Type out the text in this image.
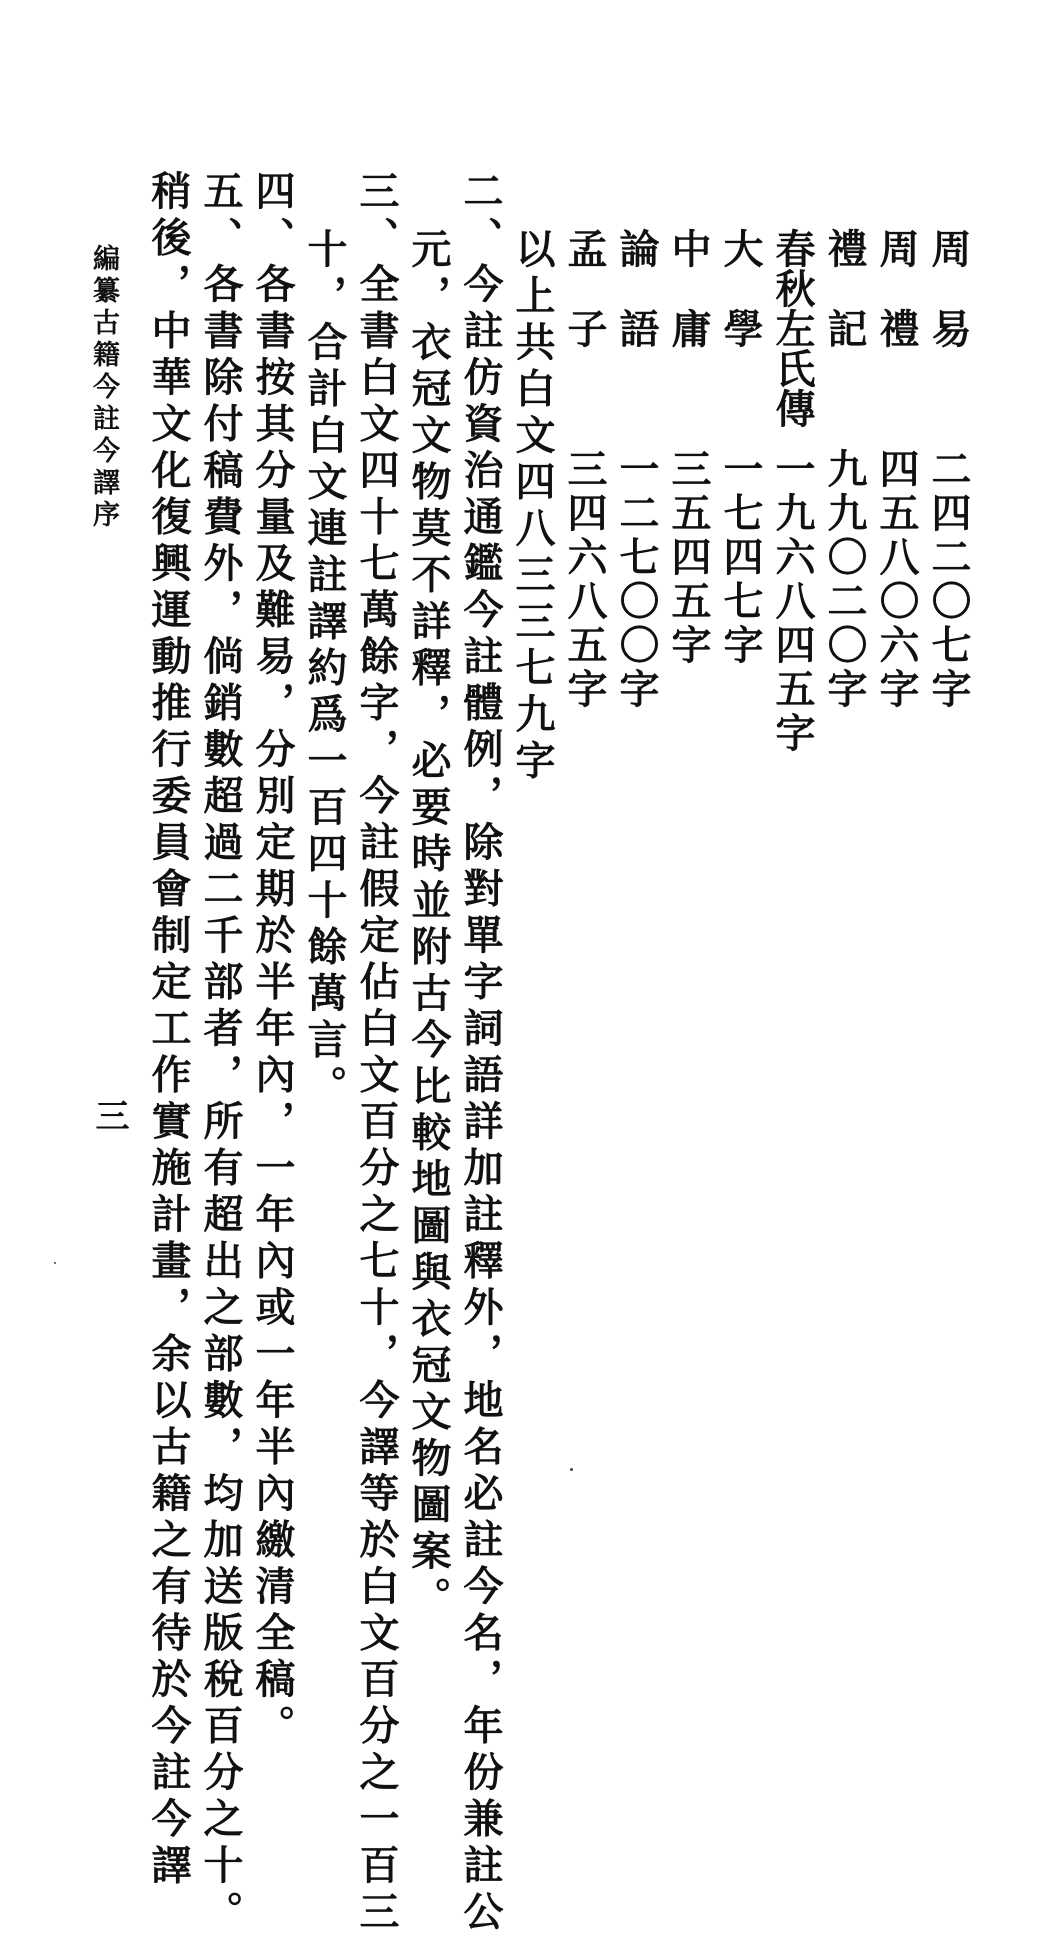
周　易
二四二〇七字
周　禮
四五八〇六字
禮　記
九九〇二〇字
春秋左氏傳
一九六八四五字
大　學
一七四七字
中　庸
三五四五字
論　語
一二七〇〇字
孟　子
三四六八五字
以上共白文四八三三七九字
二、今註仿資治通鑑今註體例，除對單字詞語詳加註釋外，地名必註今名，年份兼註公
元，衣冠文物莫不詳釋，必要時並附古今比較地圖與衣冠文物圖案。
三、全書白文四十七萬餘字，今註假定佔白文百分之七十，今譯等於白文百分之一百三
十，合計白文連註譯約爲一百四十餘萬言。
四、各書按其分量及難易，分別定期於半年內，一年內或一年半內繳清全稿。
五、各書除付稿費外，倘銷數超過二千部者，所有超出之部數，均加送版稅百分之十。
稍後，中華文化復興運動推行委員會制定工作實施計畫，余以古籍之有待於今註今譯
編纂古籍今註今譯序
三
